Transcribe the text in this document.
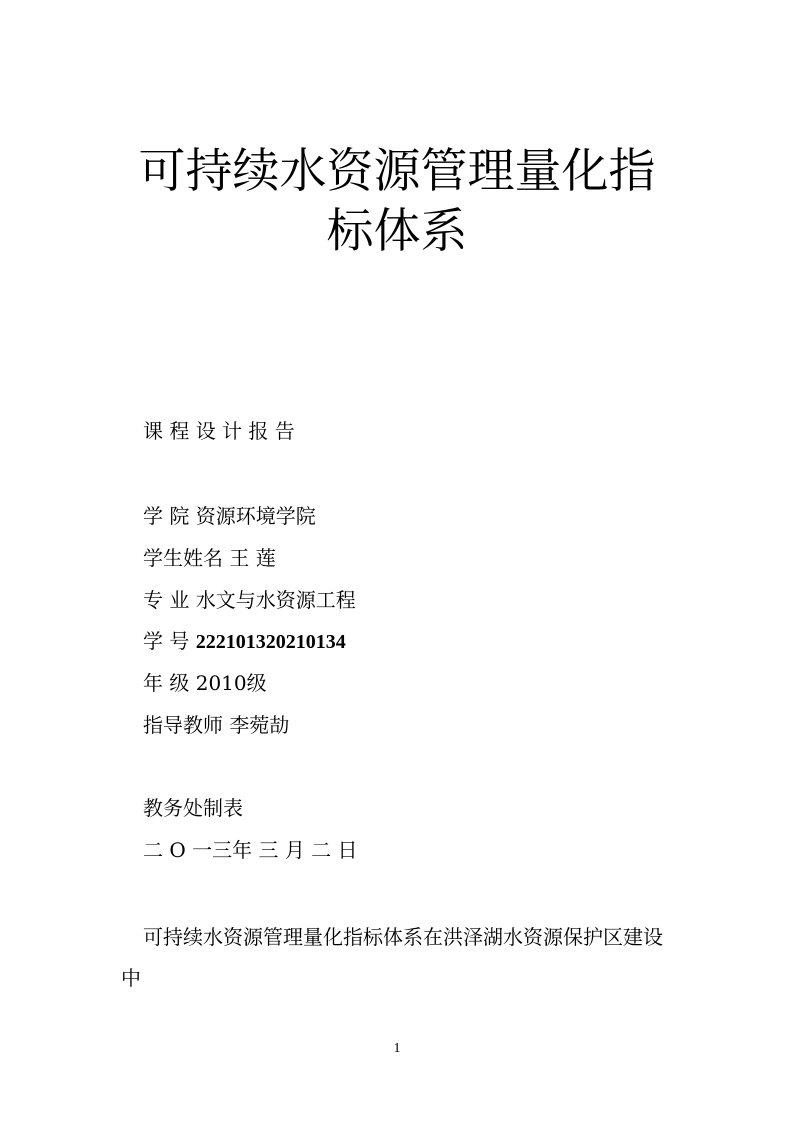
可持续水资源管理量化指
标体系

课 程 设 计 报 告

学 院 资源环境学院

学生姓名 王 莲

专 业 水文与水资源工程

学 号 222101320210134

年 级 2010级

指导教师 李菀劼

教务处制表

二 O 一三年 三 月 二 日

可持续水资源管理量化指标体系在洪泽湖水资源保护区建设中

1
